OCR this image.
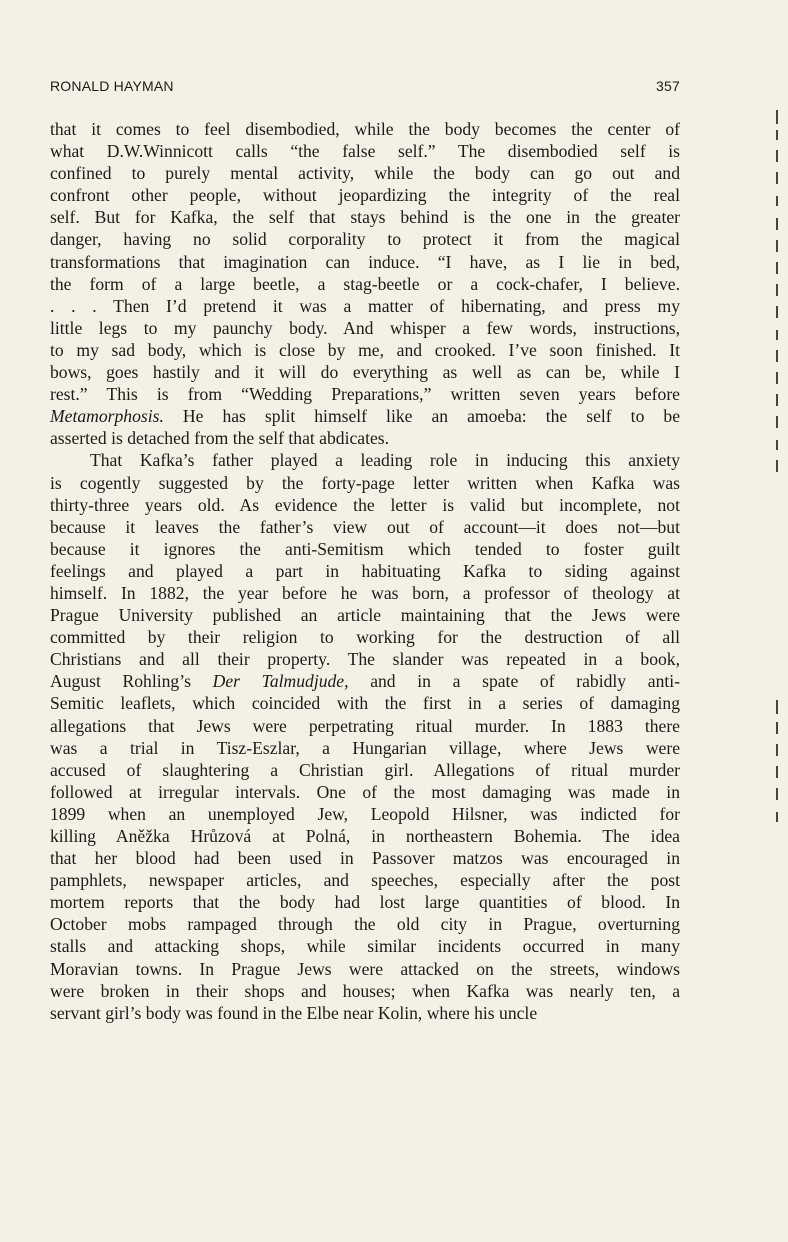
RONALD HAYMAN	357
that it comes to feel disembodied, while the body becomes the center of
what D.W.Winnicott calls “the false self.” The disembodied self is
confined to purely mental activity, while the body can go out and
confront other people, without jeopardizing the integrity of the real
self. But for Kafka, the self that stays behind is the one in the greater
danger, having no solid corporality to protect it from the magical
transformations that imagination can induce. “I have, as I lie in bed,
the form of a large beetle, a stag-beetle or a cock-chafer, I believe.
. . . Then I’d pretend it was a matter of hibernating, and press my
little legs to my paunchy body. And whisper a few words, instructions,
to my sad body, which is close by me, and crooked. I’ve soon finished. It
bows, goes hastily and it will do everything as well as can be, while I
rest.” This is from “Wedding Preparations,” written seven years before
Metamorphosis. He has split himself like an amoeba: the self to be
asserted is detached from the self that abdicates.
That Kafka’s father played a leading role in inducing this anxiety
is cogently suggested by the forty-page letter written when Kafka was
thirty-three years old. As evidence the letter is valid but incomplete, not
because it leaves the father’s view out of account—it does not—but
because it ignores the anti-Semitism which tended to foster guilt
feelings and played a part in habituating Kafka to siding against
himself. In 1882, the year before he was born, a professor of theology at
Prague University published an article maintaining that the Jews were
committed by their religion to working for the destruction of all
Christians and all their property. The slander was repeated in a book,
August Rohling’s Der Talmudjude, and in a spate of rabidly anti-
Semitic leaflets, which coincided with the first in a series of damaging
allegations that Jews were perpetrating ritual murder. In 1883 there
was a trial in Tisz-Eszlar, a Hungarian village, where Jews were
accused of slaughtering a Christian girl. Allegations of ritual murder
followed at irregular intervals. One of the most damaging was made in
1899 when an unemployed Jew, Leopold Hilsner, was indicted for
killing Aněžka Hrůzová at Polná, in northeastern Bohemia. The idea
that her blood had been used in Passover matzos was encouraged in
pamphlets, newspaper articles, and speeches, especially after the post
mortem reports that the body had lost large quantities of blood. In
October mobs rampaged through the old city in Prague, overturning
stalls and attacking shops, while similar incidents occurred in many
Moravian towns. In Prague Jews were attacked on the streets, windows
were broken in their shops and houses; when Kafka was nearly ten, a
servant girl’s body was found in the Elbe near Kolin, where his uncle
